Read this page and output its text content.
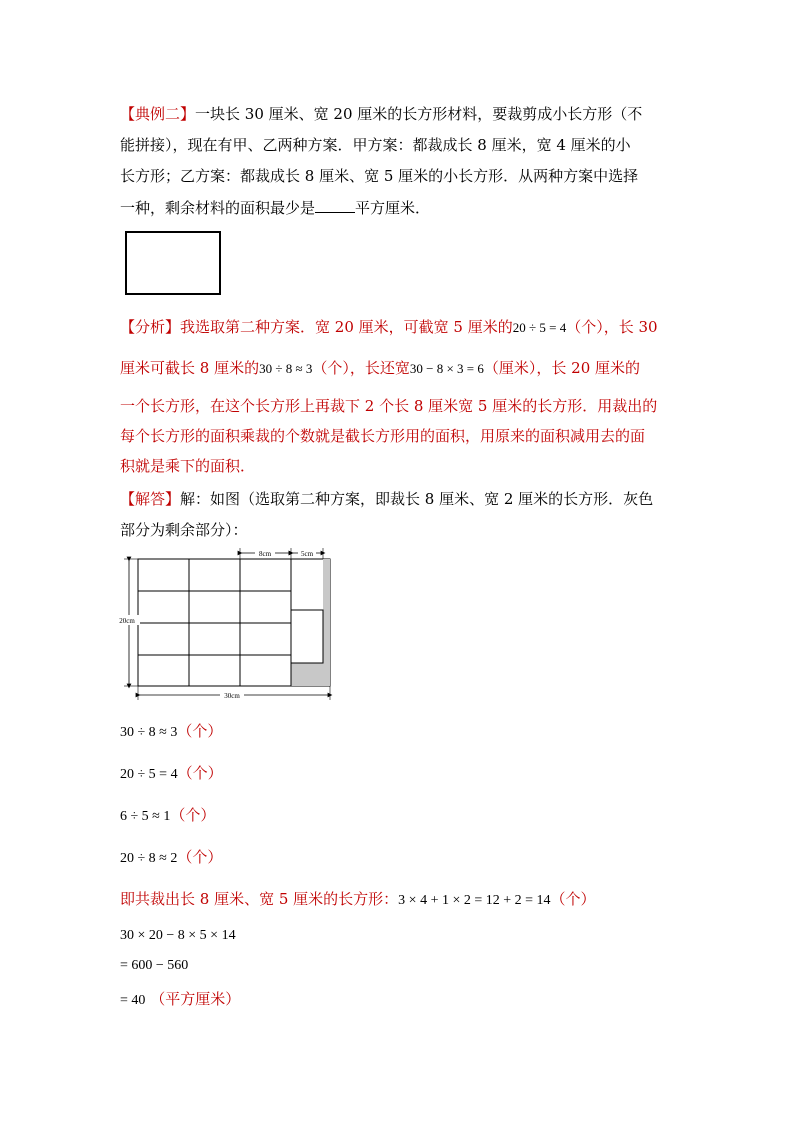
【典例二】一块长 30 厘米、宽 20 厘米的长方形材料，要裁剪成小长方形（不
能拼接），现在有甲、乙两种方案．甲方案：都裁成长 8 厘米，宽 4 厘米的小
长方形；乙方案：都裁成长 8 厘米、宽 5 厘米的小长方形．从两种方案中选择
一种，剩余材料的面积最少是	平方厘米．
【分析】我选取第二种方案．宽 20 厘米，可截宽 5 厘米的20 ÷ 5 = 4（个），长 30
厘米可截长 8 厘米的30 ÷ 8 ≈ 3（个），长还宽30 − 8 × 3 = 6（厘米），长 20 厘米的
一个长方形，在这个长方形上再裁下 2 个长 8 厘米宽 5 厘米的长方形．用裁出的
每个长方形的面积乘裁的个数就是截长方形用的面积，用原来的面积减用去的面
积就是乘下的面积．
【解答】解：如图（选取第二种方案，即裁长 8 厘米、宽 2 厘米的长方形．灰色
部分为剩余部分）：
8cm	5cm
20cm
30cm
30 ÷ 8 ≈ 3（个）
20 ÷ 5 = 4（个）
6 ÷ 5 ≈ 1（个）
20 ÷ 8 ≈ 2（个）
即共裁出长 8 厘米、宽 5 厘米的长方形：3 × 4 + 1 × 2 = 12 + 2 = 14（个）
30 × 20 − 8 × 5 × 14
= 600 − 560
= 40 （平方厘米）
